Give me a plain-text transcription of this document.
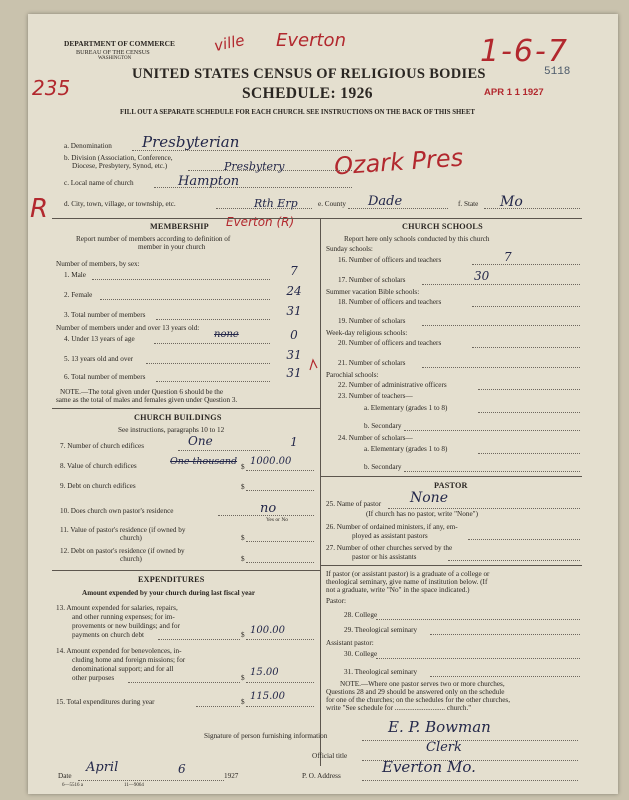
DEPARTMENT OF COMMERCE
BUREAU OF THE CENSUS
WASHINGTON
UNITED STATES CENSUS OF RELIGIOUS BODIES
SCHEDULE: 1926
5118
FILL OUT A SEPARATE SCHEDULE FOR EACH CHURCH. SEE INSTRUCTIONS ON THE BACK OF THIS SHEET
235
ville Everton	1-6-7
APR 1 1 1927
Ozark Pres
R	Everton (R)
a. Denomination Presbyterian
b. Division (Association, Conference,
Diocese, Presbytery, Synod, etc.)	Presbytery
c. Local name of church	Hampton
d. City, town, village, or township, etc.	Rth Erp	e. County Dade	f. State Mo
MEMBERSHIP
Report number of members according to definition of
member in your church
Number of members, by sex:
1. Male	7
2. Female	24
3. Total number of members	31
Number of members under and over 13 years old:
4. Under 13 years of age	none	0
5. 13 years old and over	31
6. Total number of members	31
NOTE.—The total given under Question 6 should be the
same as the total of males and females given under Question 3.
CHURCH BUILDINGS
See instructions, paragraphs 10 to 12
7. Number of church edifices	One	1
8. Value of church edifices	One thousand $ 1000.00
9. Debt on church edifices	$
10. Does church own pastor's residence	no
Yes or No
11. Value of pastor's residence (if owned by
church)	$
12. Debt on pastor's residence (if owned by
church)	$
EXPENDITURES
Amount expended by your church during last fiscal year
13. Amount expended for salaries, repairs,
and other running expenses; for im-
provements or new buildings; and for
payments on church debt	$ 100.00
14. Amount expended for benevolences, in-
cluding home and foreign missions; for
denominational support; and for all
other purposes	$ 15.00
15. Total expenditures during year	$ 115.00
CHURCH SCHOOLS
Report here only schools conducted by this church
Sunday schools:
16. Number of officers and teachers	7
17. Number of scholars	30
Summer vacation Bible schools:
18. Number of officers and teachers
19. Number of scholars
Week-day religious schools:
20. Number of officers and teachers
21. Number of scholars
Parochial schools:
22. Number of administrative officers
23. Number of teachers—
a. Elementary (grades 1 to 8)
b. Secondary
24. Number of scholars—
a. Elementary (grades 1 to 8)
b. Secondary
PASTOR
25. Name of pastor None
(If church has no pastor, write "None")
26. Number of ordained ministers, if any, em-
ployed as assistant pastors
27. Number of other churches served by the
pastor or his assistants
If pastor (or assistant pastor) is a graduate of a college or
theological seminary, give name of institution below. (If
not a graduate, write "No" in the space indicated.)
Pastor:
28. College
29. Theological seminary
Assistant pastor:
30. College
31. Theological seminary
NOTE.—Where one pastor serves two or more churches,
Questions 28 and 29 should be answered only on the schedule
for one of the churches; on the schedules for the other churches,
write "See schedule for ............................ church."
Signature of person furnishing information	E. P. Bowman
Official title
Clerk
Date
April	6	1927	P. O. Address	Everton Mo.
6—5516 a	11—9064
